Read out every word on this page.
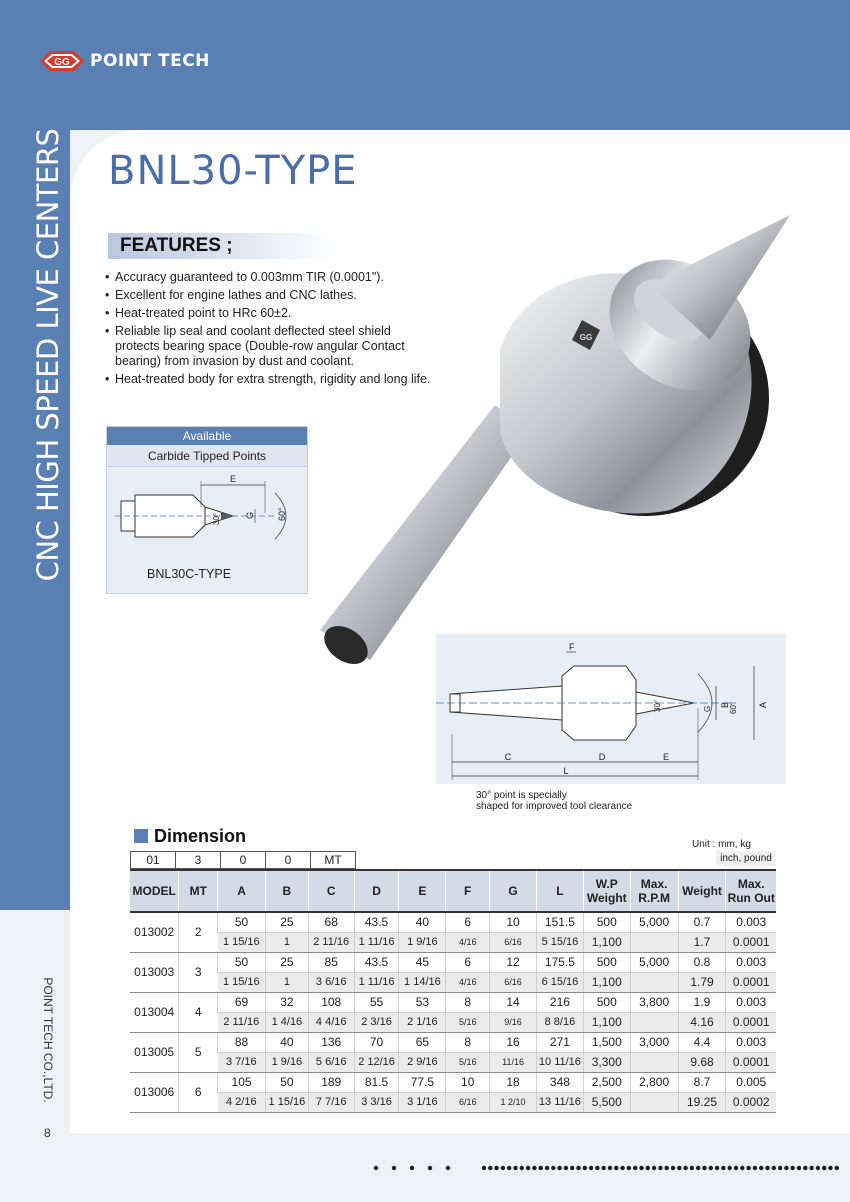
GG POINT TECH
CNC HIGH SPEED LIVE CENTERS
POINT TECH CO.,LTD.
8
BNL30-TYPE
FEATURES ;
• Accuracy guaranteed to 0.003mm TIR (0.0001").
• Excellent for engine lathes and CNC lathes.
• Heat-treated point to HRc 60±2.
• Reliable lip seal and coolant deflected steel shield protects bearing space (Double-row angular Contact bearing) from invasion by dust and coolant.
• Heat-treated body for extra strength, rigidity and long life.
Available
Carbide Tipped Points
E
G 60°
30°
BNL30C-TYPE
GG
F
B	A
C	D	E
L
30°	G 60°
30° point is specially
shaped for improved tool clearance
Dimension	Unit : mm, kg
inch, pound
01	3	0	0	MT
MODEL	MT	A	B	C	D	E	F	G	L	W.P Weight	Max. R.P.M	Weight	Max. Run Out
013002	2	50	25	68	43.5	40	6	10	151.5	500	5,000	0.7	0.003
		1 15/16	1	2 11/16	1 11/16	1 9/16	4/16	6/16	5 15/16	1,100		1.7	0.0001
013003	3	50	25	85	43.5	45	6	12	175.5	500	5,000	0.8	0.003
		1 15/16	1	3 6/16	1 11/16	1 14/16	4/16	6/16	6 15/16	1,100		1.79	0.0001
013004	4	69	32	108	55	53	8	14	216	500	3,800	1.9	0.003
		2 11/16	1 4/16	4 4/16	2 3/16	2 1/16	5/16	9/16	8 8/16	1,100		4.16	0.0001
013005	5	88	40	136	70	65	8	16	271	1,500	3,000	4.4	0.003
		3 7/16	1 9/16	5 6/16	2 12/16	2 9/16	5/16	11/16	10 11/16	3,300		9.68	0.0001
013006	6	105	50	189	81.5	77.5	10	18	348	2,500	2,800	8.7	0.005
		4 2/16	1 15/16	7 7/16	3 3/16	3 1/16	6/16	1 2/10	13 11/16	5,500		19.25	0.0002
